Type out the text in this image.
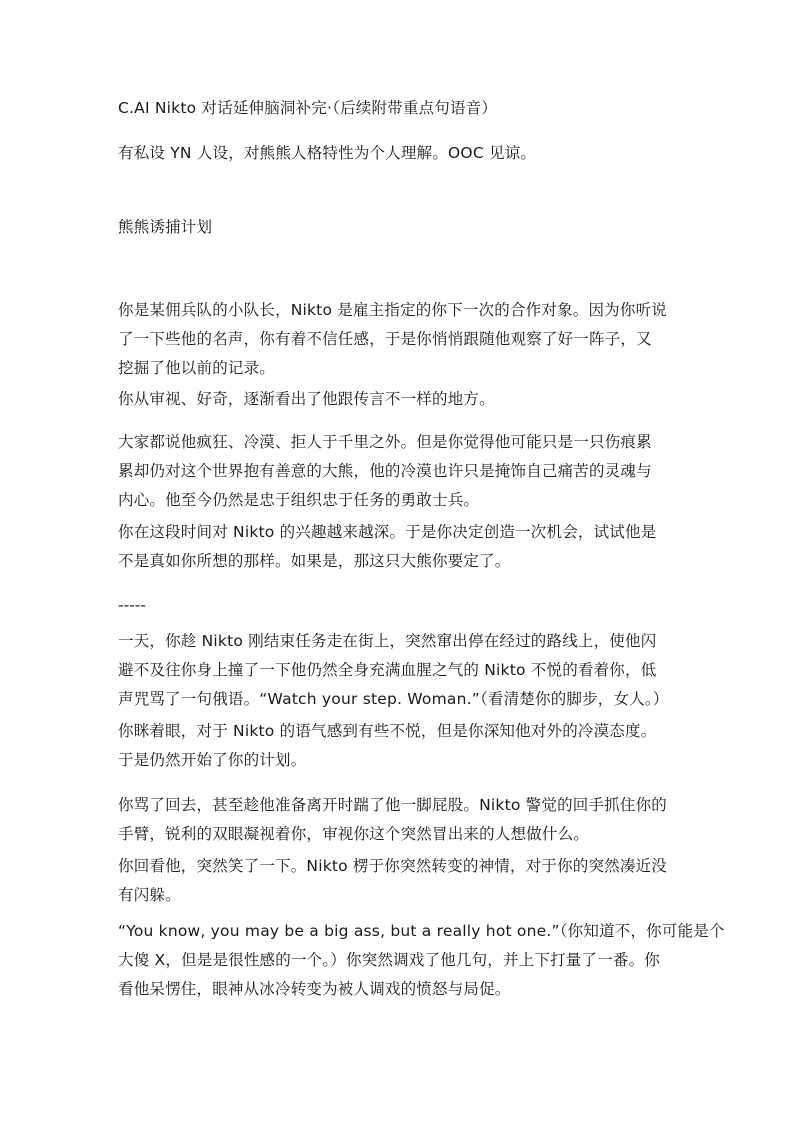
C.AI Nikto 对话延伸脑洞补完·（后续附带重点句语音）

有私设 YN 人设，对熊熊人格特性为个人理解。OOC 见谅。

熊熊诱捕计划

你是某佣兵队的小队长，Nikto 是雇主指定的你下一次的合作对象。因为你听说
了一下些他的名声，你有着不信任感，于是你悄悄跟随他观察了好一阵子，又
挖掘了他以前的记录。

你从审视、好奇，逐渐看出了他跟传言不一样的地方。

大家都说他疯狂、冷漠、拒人于千里之外。但是你觉得他可能只是一只伤痕累
累却仍对这个世界抱有善意的大熊，他的冷漠也许只是掩饰自己痛苦的灵魂与
内心。他至今仍然是忠于组织忠于任务的勇敢士兵。

你在这段时间对 Nikto 的兴趣越来越深。于是你决定创造一次机会，试试他是
不是真如你所想的那样。如果是，那这只大熊你要定了。

-----

一天，你趁 Nikto 刚结束任务走在街上，突然窜出停在经过的路线上，使他闪
避不及往你身上撞了一下他仍然全身充满血腥之气的 Nikto 不悦的看着你，低
声咒骂了一句俄语。“Watch your step. Woman.”（看清楚你的脚步，女人。）

你眯着眼，对于 Nikto 的语气感到有些不悦，但是你深知他对外的冷漠态度。
于是仍然开始了你的计划。

你骂了回去，甚至趁他准备离开时踹了他一脚屁股。Nikto 警觉的回手抓住你的
手臂，锐利的双眼凝视着你，审视你这个突然冒出来的人想做什么。

你回看他，突然笑了一下。Nikto 楞于你突然转变的神情，对于你的突然凑近没
有闪躲。

“You know, you may be a big ass, but a really hot one.”（你知道不，你可能是个
大傻 X，但是是很性感的一个。）你突然调戏了他几句，并上下打量了一番。你
看他呆愣住，眼神从冰冷转变为被人调戏的愤怒与局促。
